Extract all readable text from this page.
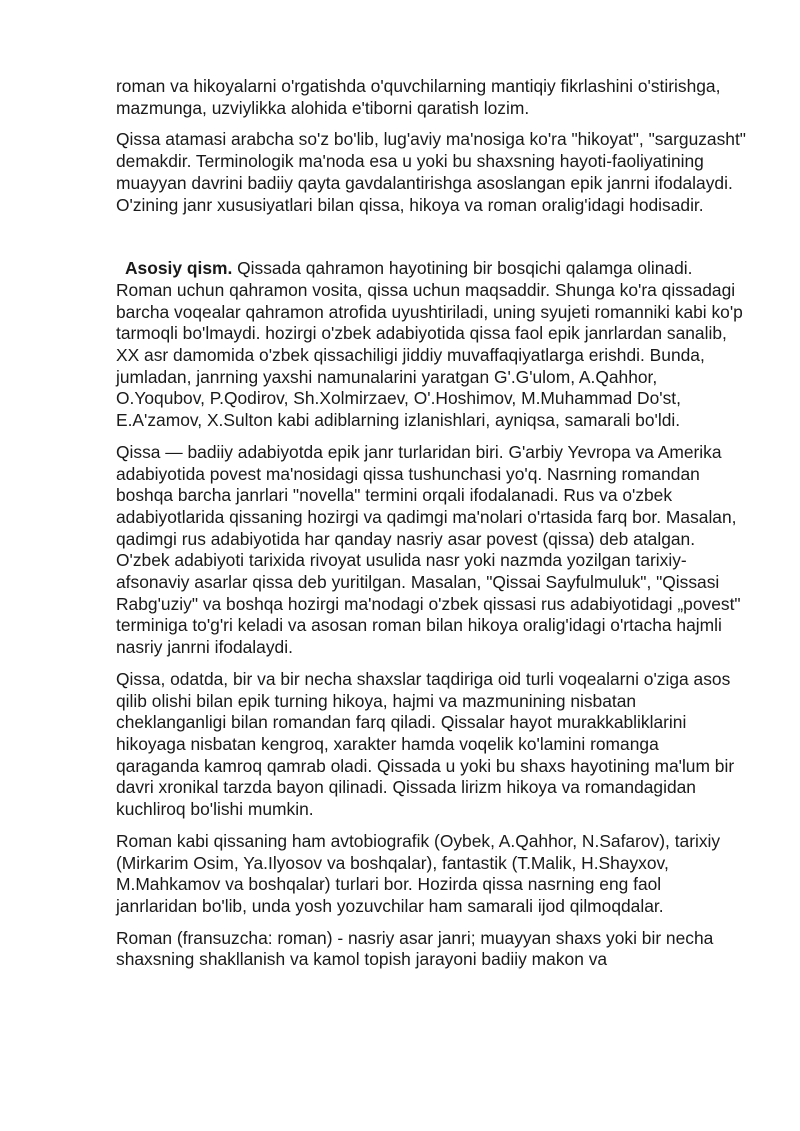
roman va hikoyalarni o'rgatishda o'quvchilarning mantiqiy fikrlashini o'stirishga, mazmunga, uzviylikka alohida e'tiborni qaratish lozim.

Qissa atamasi arabcha so'z bo'lib, lug'aviy ma'nosiga ko'ra "hikoyat", "sarguzasht" demakdir. Terminologik ma'noda esa u yoki bu shaxsning hayoti-faoliyatining muayyan davrini badiiy qayta gavdalantirishga asoslangan epik janrni ifodalaydi. O'zining janr xususiyatlari bilan qissa, hikoya va roman oralig'idagi hodisadir.

Asosiy qism. Qissada qahramon hayotining bir bosqichi qalamga olinadi. Roman uchun qahramon vosita, qissa uchun maqsaddir. Shunga ko'ra qissadagi barcha voqealar qahramon atrofida uyushtiriladi, uning syujeti romanniki kabi ko'p tarmoqli bo'lmaydi. hozirgi o'zbek adabiyotida qissa faol epik janrlardan sanalib, XX asr damomida o'zbek qissachiligi jiddiy muvaffaqiyatlarga erishdi. Bunda, jumladan, janrning yaxshi namunalarini yaratgan G'.G'ulom, A.Qahhor, O.Yoqubov, P.Qodirov, Sh.Xolmirzaev, O'.Hoshimov, M.Muhammad Do'st, E.A'zamov, X.Sulton kabi adiblarning izlanishlari, ayniqsa, samarali bo'ldi.

Qissa — badiiy adabiyotda epik janr turlaridan biri. G'arbiy Yevropa va Amerika adabiyotida povest ma'nosidagi qissa tushunchasi yo'q. Nasrning romandan boshqa barcha janrlari "novella" termini orqali ifodalanadi. Rus va o'zbek adabiyotlarida qissaning hozirgi va qadimgi ma'nolari o'rtasida farq bor. Masalan, qadimgi rus adabiyotida har qanday nasriy asar povest (qissa) deb atalgan. O'zbek adabiyoti tarixida rivoyat usulida nasr yoki nazmda yozilgan tarixiy-afsonaviy asarlar qissa deb yuritilgan. Masalan, "Qissai Sayfulmuluk", "Qissasi Rabg'uziy" va boshqa hozirgi ma'nodagi o'zbek qissasi rus adabiyotidagi „povest" terminiga to'g'ri keladi va asosan roman bilan hikoya oralig'idagi o'rtacha hajmli nasriy janrni ifodalaydi.

Qissa, odatda, bir va bir necha shaxslar taqdiriga oid turli voqealarni o'ziga asos qilib olishi bilan epik turning hikoya, hajmi va mazmunining nisbatan cheklanganligi bilan romandan farq qiladi. Qissalar hayot murakkabliklarini hikoyaga nisbatan kengroq, xarakter hamda voqelik ko'lamini romanga qaraganda kamroq qamrab oladi. Qissada u yoki bu shaxs hayotining ma'lum bir davri xronikal tarzda bayon qilinadi. Qissada lirizm hikoya va romandagidan kuchliroq bo'lishi mumkin.

Roman kabi qissaning ham avtobiografik (Oybek, A.Qahhor, N.Safarov), tarixiy (Mirkarim Osim, Ya.Ilyosov va boshqalar), fantastik (T.Malik, H.Shayxov, M.Mahkamov va boshqalar) turlari bor. Hozirda qissa nasrning eng faol janrlaridan bo'lib, unda yosh yozuvchilar ham samarali ijod qilmoqdalar.

Roman (fransuzcha: roman) - nasriy asar janri; muayyan shaxs yoki bir necha shaxsning shakllanish va kamol topish jarayoni badiiy makon va
